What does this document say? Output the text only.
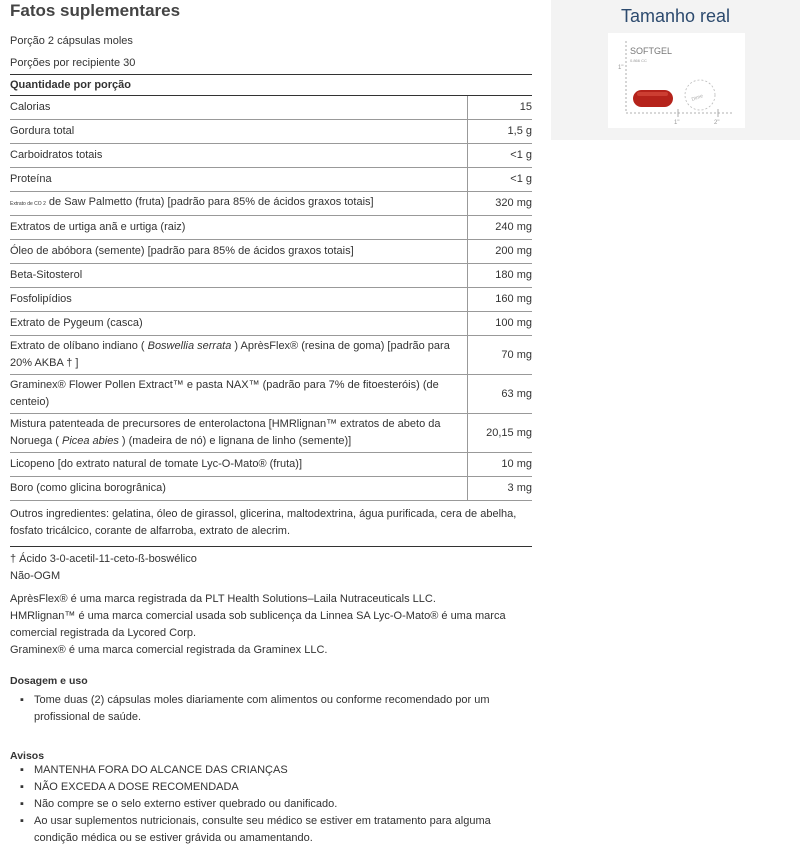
Fatos suplementares
Porção 2 cápsulas moles
Porções por recipiente 30
Quantidade por porção
Calorias	15
Gordura total	1,5 g
Carboidratos totais	<1 g
Proteína	<1 g
Extrato de CO 2 de Saw Palmetto (fruta) [padrão para 85% de ácidos graxos totais]	320 mg
Extratos de urtiga anã e urtiga (raiz)	240 mg
Óleo de abóbora (semente) [padrão para 85% de ácidos graxos totais]	200 mg
Beta-Sitosterol	180 mg
Fosfolipídios	160 mg
Extrato de Pygeum (casca)	100 mg
Extrato de olíbano indiano ( Boswellia serrata ) AprèsFlex® (resina de goma) [padrão para 20% AKBA † ]	70 mg
Graminex® Flower Pollen Extract™ e pasta NAX™ (padrão para 7% de fitoesteróis) (de centeio)	63 mg
Mistura patenteada de precursores de enterolactona [HMRlignan™ extratos de abeto da Noruega ( Picea abies ) (madeira de nó) e lignana de linho (semente)]	20,15 mg
Licopeno [do extrato natural de tomate Lyc-O-Mato® (fruta)]	10 mg
Boro (como glicina borogrânica)	3 mg
Outros ingredientes: gelatina, óleo de girassol, glicerina, maltodextrina, água purificada, cera de abelha, fosfato tricálcico, corante de alfarroba, extrato de alecrim.
† Ácido 3-0-acetil-11-ceto-ß-boswélico
Não-OGM
AprèsFlex® é uma marca registrada da PLT Health Solutions–Laila Nutraceuticals LLC.
HMRlignan™ é uma marca comercial usada sob sublicença da Linnea SA Lyc-O-Mato® é uma marca comercial registrada da Lycored Corp.
Graminex® é uma marca comercial registrada da Graminex LLC.
Dosagem e uso
▪ Tome duas (2) cápsulas moles diariamente com alimentos ou conforme recomendado por um profissional de saúde.
Avisos
▪ MANTENHA FORA DO ALCANCE DAS CRIANÇAS
▪ NÃO EXCEDA A DOSE RECOMENDADA
▪ Não compre se o selo externo estiver quebrado ou danificado.
▪ Ao usar suplementos nutricionais, consulte seu médico se estiver em tratamento para alguma condição médica ou se estiver grávida ou amamentando.
Tamanho real
SOFTGEL
0.866 CC
1"
1"	2"
Dime
